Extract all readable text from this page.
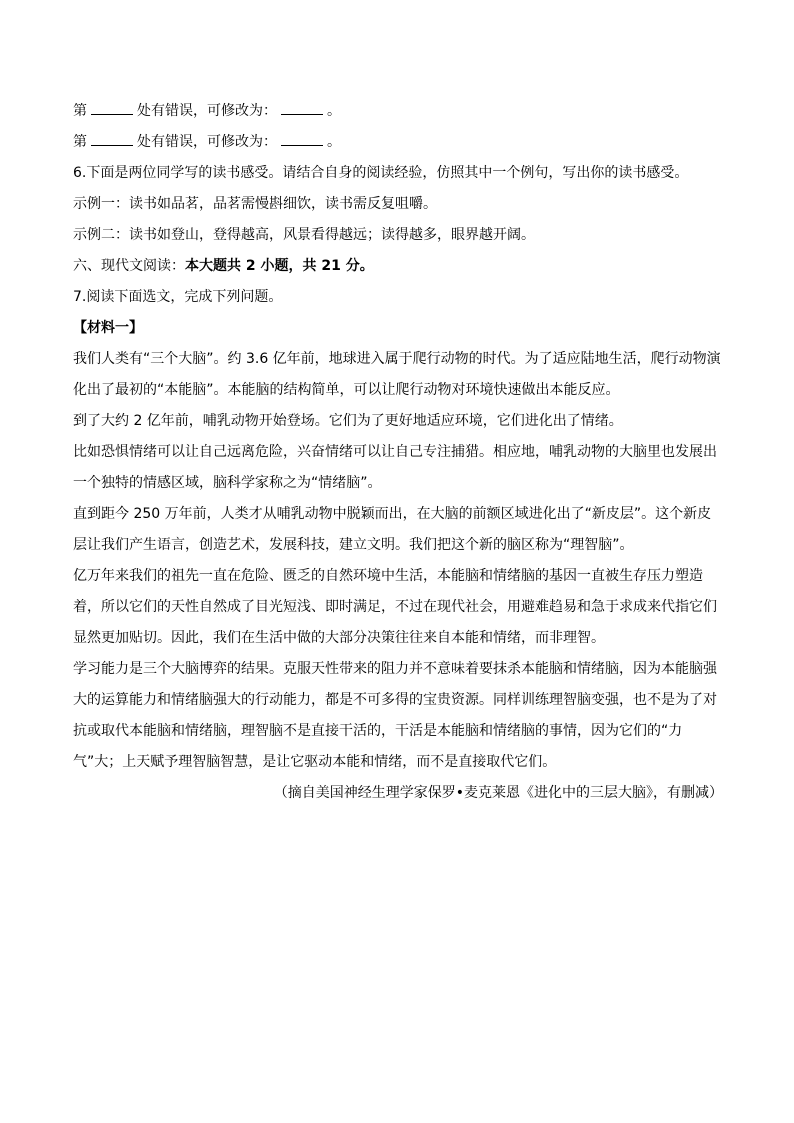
第	处有错误，可修改为：	。
第	处有错误，可修改为：	。
6.下面是两位同学写的读书感受。请结合自身的阅读经验，仿照其中一个例句，写出你的读书感受。
示例一：读书如品茗，品茗需慢斟细饮，读书需反复咀嚼。
示例二：读书如登山，登得越高，风景看得越远；读得越多，眼界越开阔。
六、现代文阅读：本大题共 2 小题，共 21 分。
7.阅读下面选文，完成下列问题。
【材料一】
我们人类有“三个大脑”。约 3.6 亿年前，地球进入属于爬行动物的时代。为了适应陆地生活，爬行动物演化出了最初的“本能脑”。本能脑的结构简单，可以让爬行动物对环境快速做出本能反应。
到了大约 2 亿年前，哺乳动物开始登场。它们为了更好地适应环境，它们进化出了情绪。
比如恐惧情绪可以让自己远离危险，兴奋情绪可以让自己专注捕猎。相应地，哺乳动物的大脑里也发展出一个独特的情感区域，脑科学家称之为“情绪脑”。
直到距今 250 万年前，人类才从哺乳动物中脱颖而出，在大脑的前额区域进化出了“新皮层”。这个新皮层让我们产生语言，创造艺术，发展科技，建立文明。我们把这个新的脑区称为“理智脑”。
亿万年来我们的祖先一直在危险、匮乏的自然环境中生活，本能脑和情绪脑的基因一直被生存压力塑造着，所以它们的天性自然成了目光短浅、即时满足，不过在现代社会，用避难趋易和急于求成来代指它们显然更加贴切。因此，我们在生活中做的大部分决策往往来自本能和情绪，而非理智。
学习能力是三个大脑博弈的结果。克服天性带来的阻力并不意味着要抹杀本能脑和情绪脑，因为本能脑强大的运算能力和情绪脑强大的行动能力，都是不可多得的宝贵资源。同样训练理智脑变强，也不是为了对抗或取代本能脑和情绪脑，理智脑不是直接干活的，干活是本能脑和情绪脑的事情，因为它们的“力气”大；上天赋予理智脑智慧，是让它驱动本能和情绪，而不是直接取代它们。
（摘自美国神经生理学家保罗•麦克莱恩《进化中的三层大脑》，有删减）
